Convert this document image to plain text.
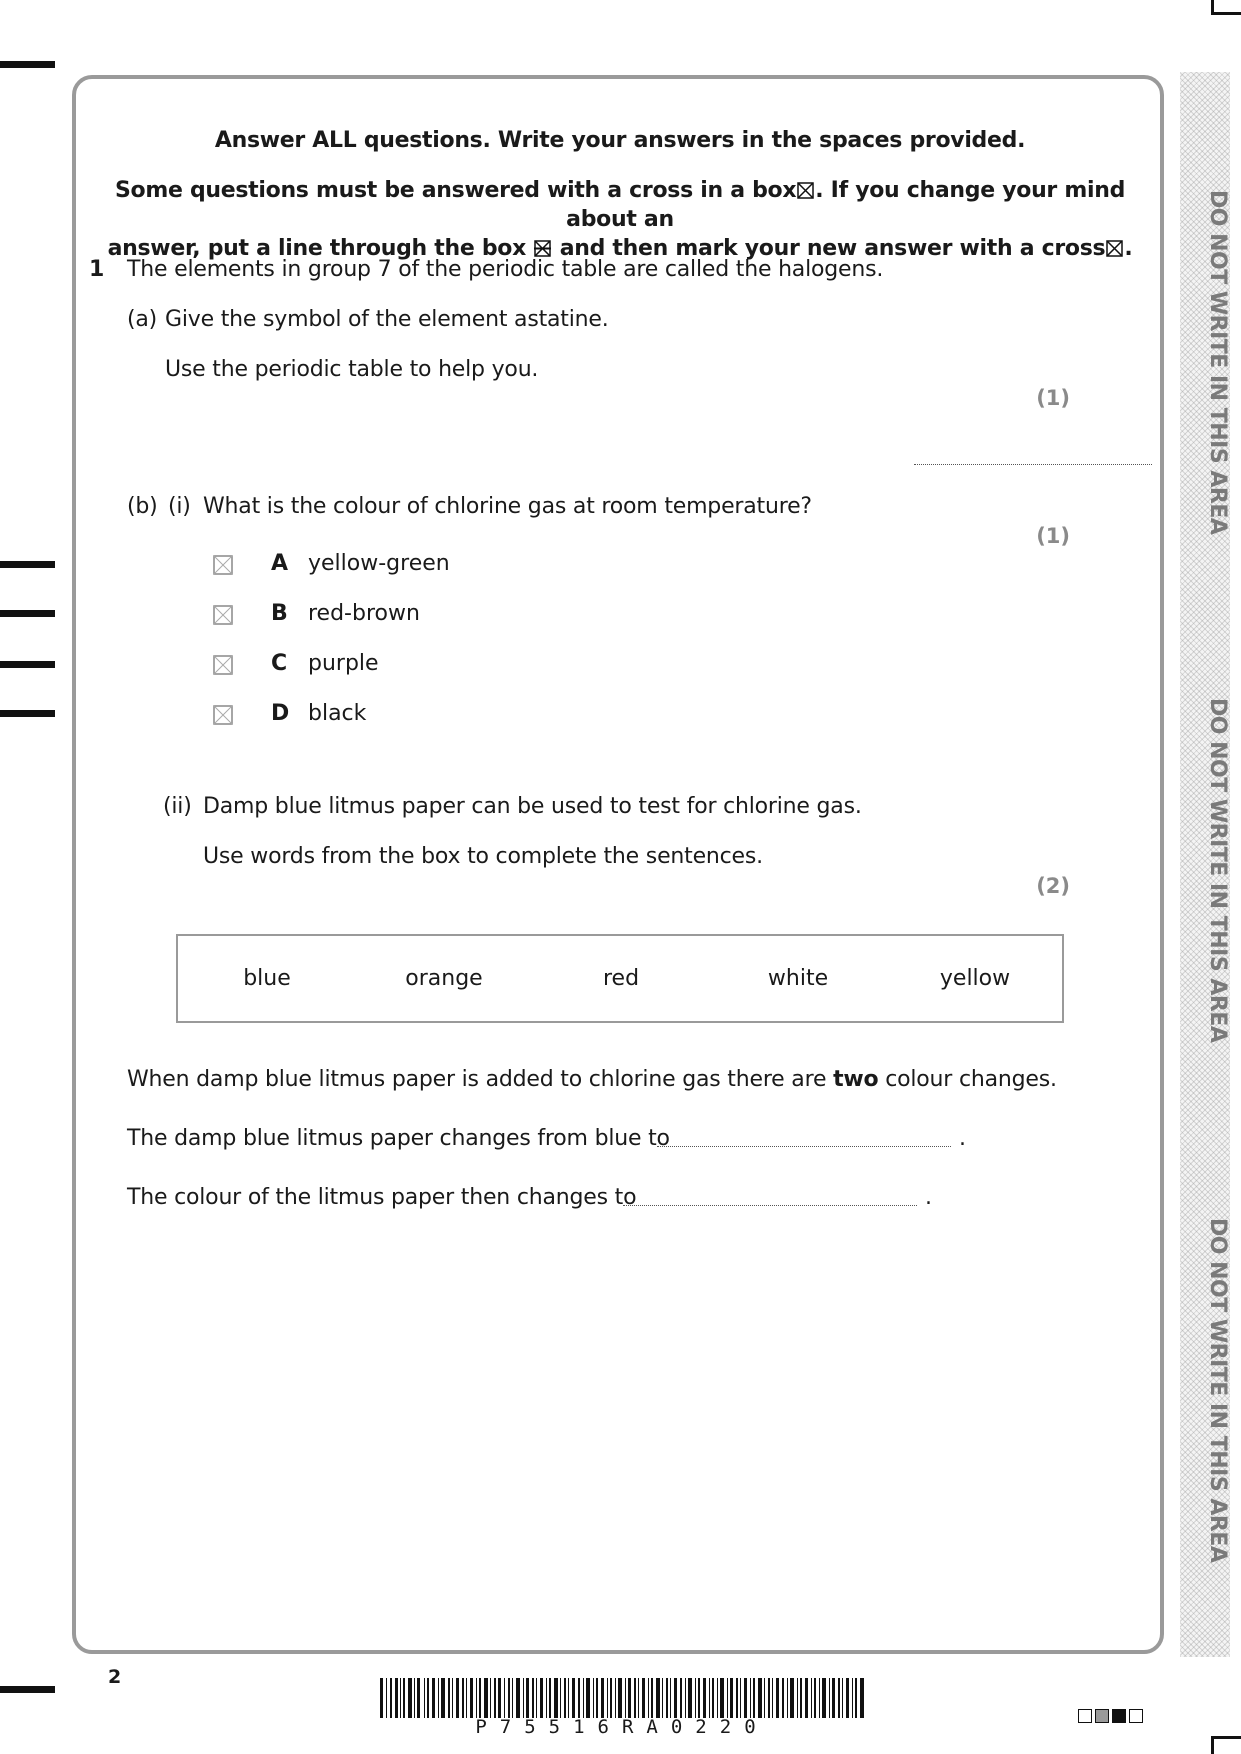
DO NOT WRITE IN THIS AREA
DO NOT WRITE IN THIS AREA
DO NOT WRITE IN THIS AREA
Answer ALL questions. Write your answers in the spaces provided.
Some questions must be answered with a cross in a box☒. If you change your mind about an
answer, put a line through the box and then mark your new answer with a cross☒.
1 The elements in group 7 of the periodic table are called the halogens.
(a) Give the symbol of the element astatine.
Use the periodic table to help you.
(1)
(b) (i) What is the colour of chlorine gas at room temperature?
(1)
A yellow-green
B red-brown
C purple
D black
(ii) Damp blue litmus paper can be used to test for chlorine gas.
Use words from the box to complete the sentences.
(2)
blue	orange	red	white	yellow
When damp blue litmus paper is added to chlorine gas there are two colour changes.
The damp blue litmus paper changes from blue to	.
The colour of the litmus paper then changes to	.
2
P75516RA0220
